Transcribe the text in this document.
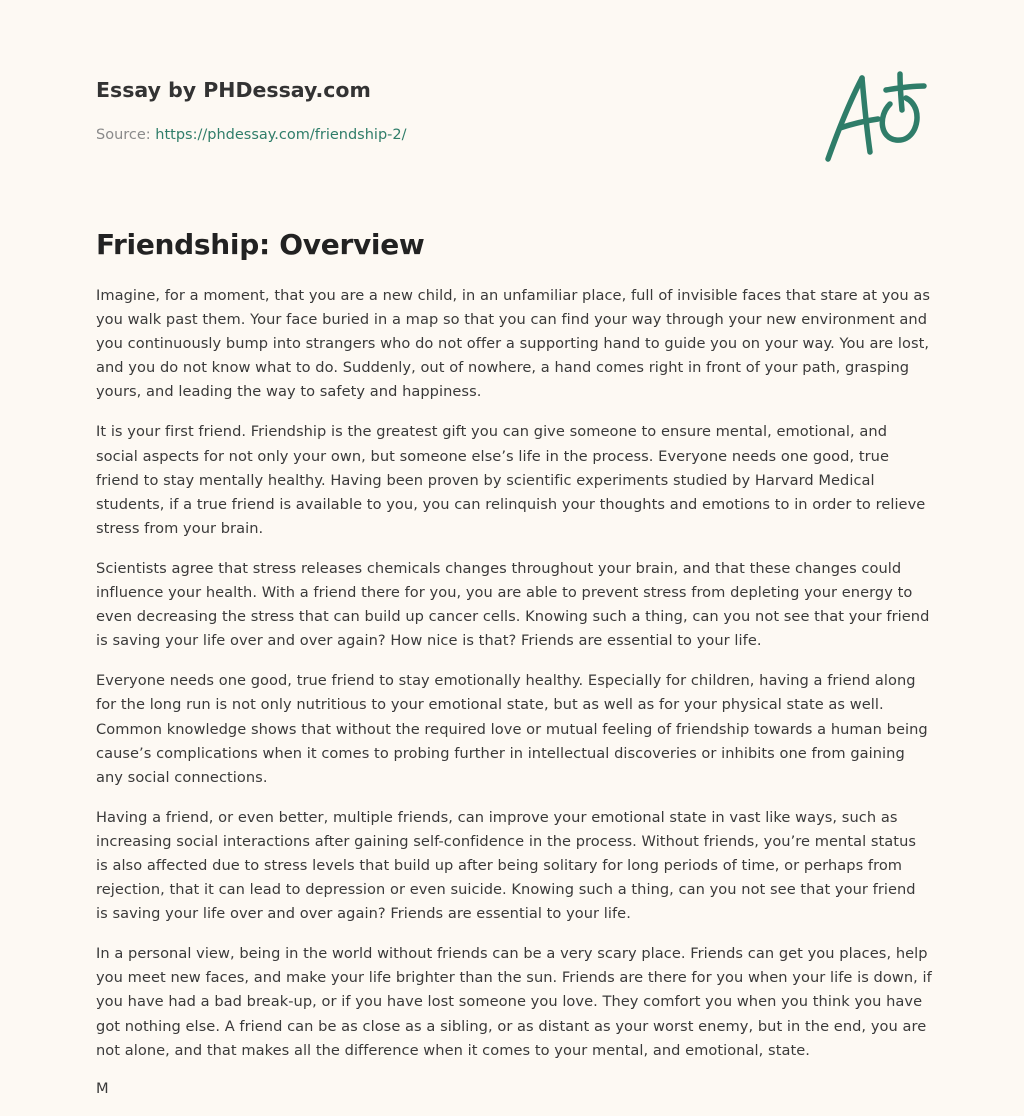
Essay by PHDessay.com
Source: https://phdessay.com/friendship-2/
Friendship: Overview

Imagine, for a moment, that you are a new child, in an unfamiliar place, full of invisible faces that stare at you as you walk past them. Your face buried in a map so that you can find your way through your new environment and you continuously bump into strangers who do not offer a supporting hand to guide you on your way. You are lost, and you do not know what to do. Suddenly, out of nowhere, a hand comes right in front of your path, grasping yours, and leading the way to safety and happiness.

It is your first friend. Friendship is the greatest gift you can give someone to ensure mental, emotional, and social aspects for not only your own, but someone else’s life in the process. Everyone needs one good, true friend to stay mentally healthy. Having been proven by scientific experiments studied by Harvard Medical students, if a true friend is available to you, you can relinquish your thoughts and emotions to in order to relieve stress from your brain.

Scientists agree that stress releases chemicals changes throughout your brain, and that these changes could influence your health. With a friend there for you, you are able to prevent stress from depleting your energy to even decreasing the stress that can build up cancer cells. Knowing such a thing, can you not see that your friend is saving your life over and over again? How nice is that? Friends are essential to your life.

Everyone needs one good, true friend to stay emotionally healthy. Especially for children, having a friend along for the long run is not only nutritious to your emotional state, but as well as for your physical state as well. Common knowledge shows that without the required love or mutual feeling of friendship towards a human being cause’s complications when it comes to probing further in intellectual discoveries or inhibits one from gaining any social connections.

Having a friend, or even better, multiple friends, can improve your emotional state in vast like ways, such as increasing social interactions after gaining self-confidence in the process. Without friends, you’re mental status is also affected due to stress levels that build up after being solitary for long periods of time, or perhaps from rejection, that it can lead to depression or even suicide. Knowing such a thing, can you not see that your friend is saving your life over and over again? Friends are essential to your life.

In a personal view, being in the world without friends can be a very scary place. Friends can get you places, help you meet new faces, and make your life brighter than the sun. Friends are there for you when your life is down, if you have had a bad break-up, or if you have lost someone you love. They comfort you when you think you have got nothing else. A friend can be as close as a sibling, or as distant as your worst enemy, but in the end, you are not alone, and that makes all the difference when it comes to your mental, and emotional, state.

M
